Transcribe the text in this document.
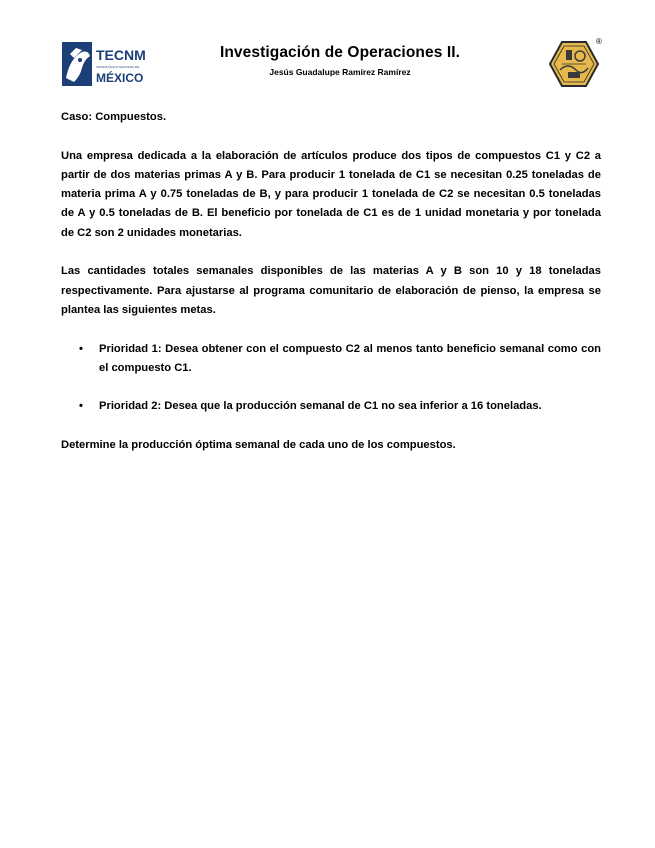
TECNM
TECNOLÓGICO NACIONAL DE
MÉXICO
Investigación de Operaciones II.
Jesús Guadalupe Ramírez Ramírez
®

Caso: Compuestos.

Una empresa dedicada a la elaboración de artículos produce dos tipos de compuestos C1 y C2 a partir de dos materias primas A y B. Para producir 1 tonelada de C1 se necesitan 0.25 toneladas de materia prima A y 0.75 toneladas de B, y para producir 1 tonelada de C2 se necesitan 0.5 toneladas de A y 0.5 toneladas de B. El beneficio por tonelada de C1 es de 1 unidad monetaria y por tonelada de C2 son 2 unidades monetarias.

Las cantidades totales semanales disponibles de las materias A y B son 10 y 18 toneladas respectivamente. Para ajustarse al programa comunitario de elaboración de pienso, la empresa se plantea las siguientes metas.

• Prioridad 1: Desea obtener con el compuesto C2 al menos tanto beneficio semanal como con el compuesto C1.
• Prioridad 2: Desea que la producción semanal de C1 no sea inferior a 16 toneladas.

Determine la producción óptima semanal de cada uno de los compuestos.
